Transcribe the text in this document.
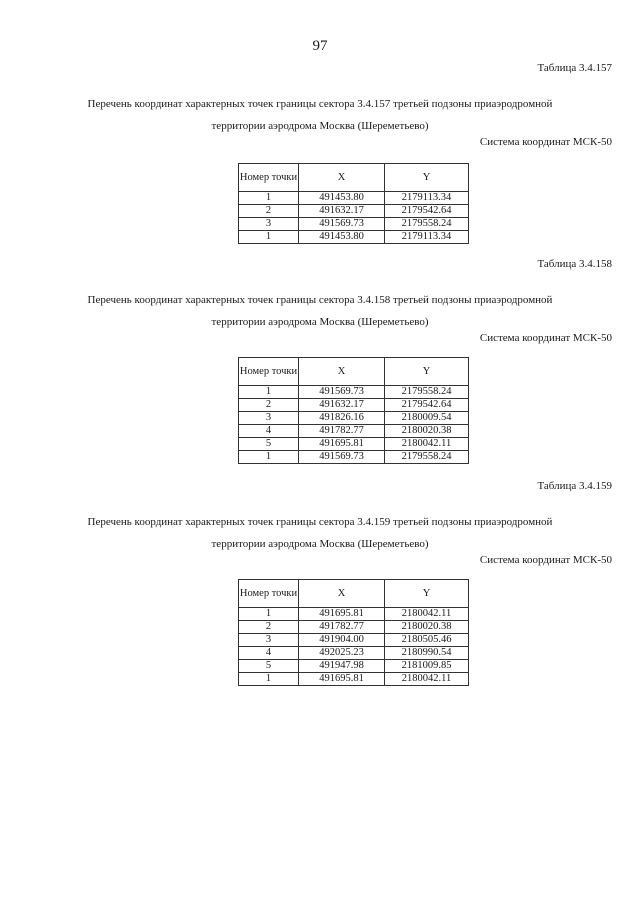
97
Таблица 3.4.157
Перечень координат характерных точек границы сектора 3.4.157 третьей подзоны приаэродромной
территории аэродрома Москва (Шереметьево)
Система координат МСК-50
Номер точки	X	Y
1	491453.80	2179113.34
2	491632.17	2179542.64
3	491569.73	2179558.24
1	491453.80	2179113.34
Таблица 3.4.158
Перечень координат характерных точек границы сектора 3.4.158 третьей подзоны приаэродромной
территории аэродрома Москва (Шереметьево)
Система координат МСК-50
Номер точки	X	Y
1	491569.73	2179558.24
2	491632.17	2179542.64
3	491826.16	2180009.54
4	491782.77	2180020.38
5	491695.81	2180042.11
1	491569.73	2179558.24
Таблица 3.4.159
Перечень координат характерных точек границы сектора 3.4.159 третьей подзоны приаэродромной
территории аэродрома Москва (Шереметьево)
Система координат МСК-50
Номер точки	X	Y
1	491695.81	2180042.11
2	491782.77	2180020.38
3	491904.00	2180505.46
4	492025.23	2180990.54
5	491947.98	2181009.85
1	491695.81	2180042.11
